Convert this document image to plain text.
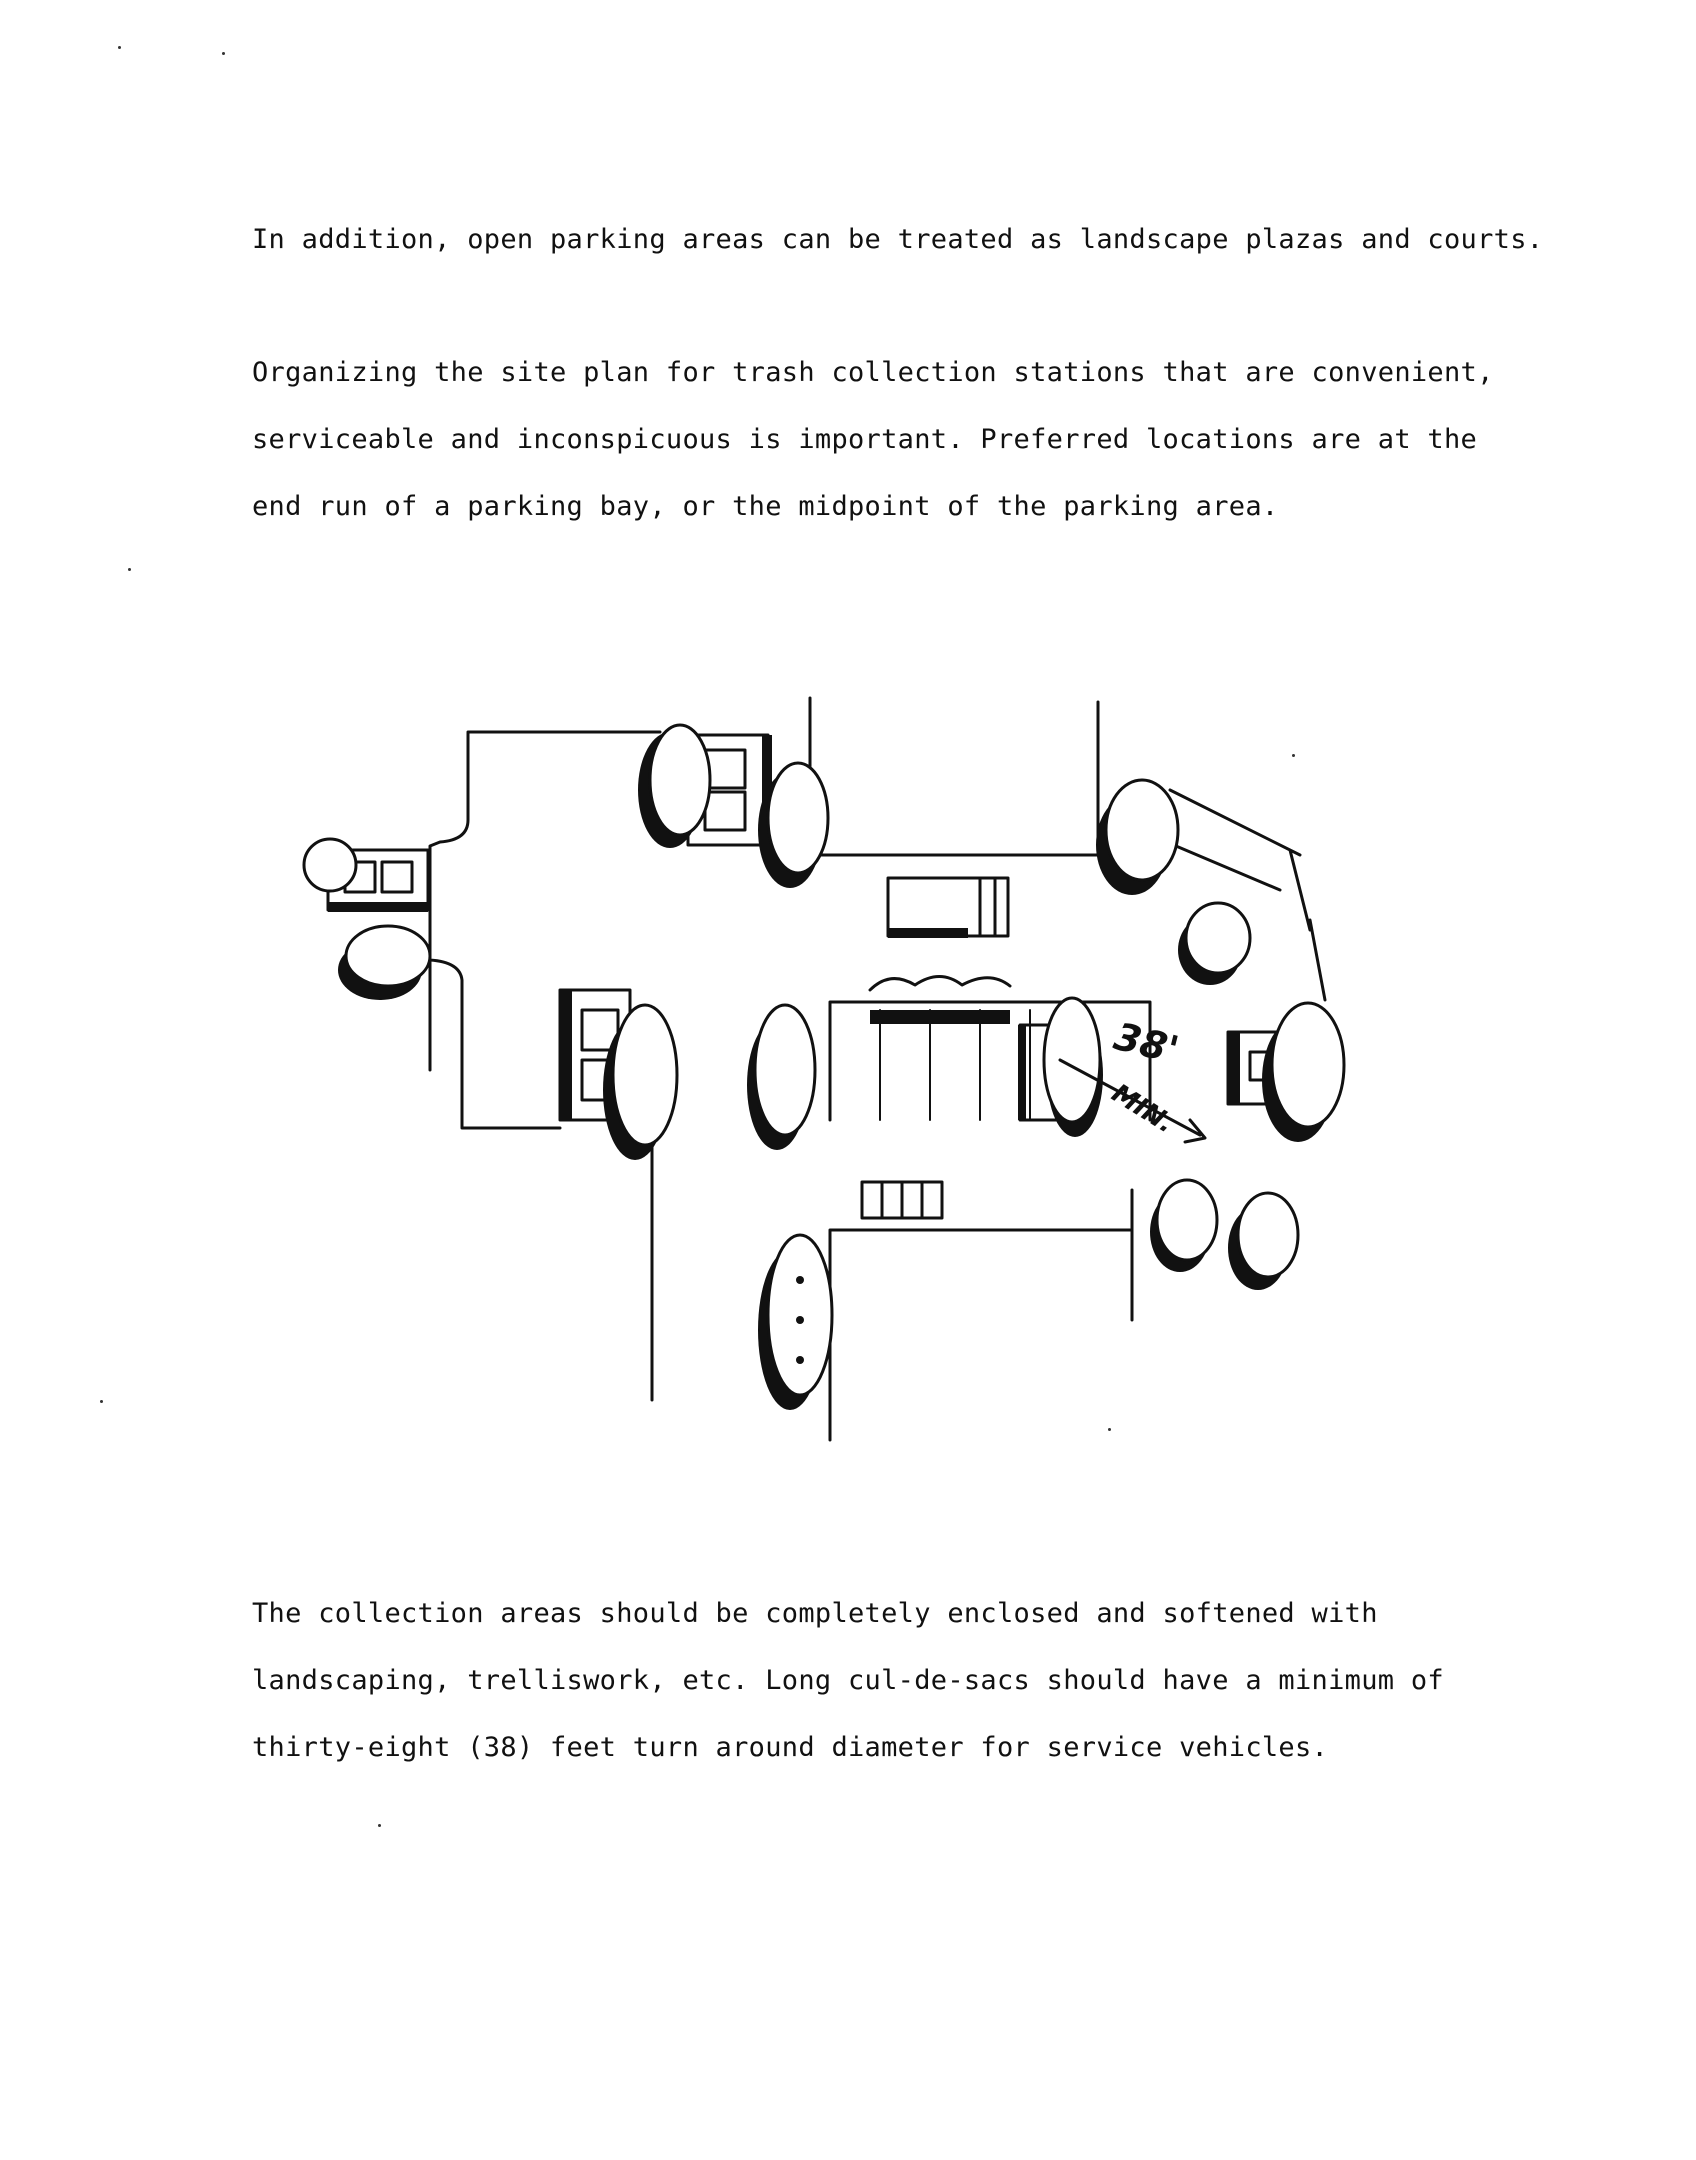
In addition, open parking areas can be treated as landscape plazas and courts.
Organizing the site plan for trash collection stations that are convenient,
serviceable and inconspicuous is important. Preferred locations are at the
end run of a parking bay, or the midpoint of the parking area.
38'
MIN.
The collection areas should be completely enclosed and softened with
landscaping, trelliswork, etc. Long cul-de-sacs should have a minimum of
thirty-eight (38) feet turn around diameter for service vehicles.
